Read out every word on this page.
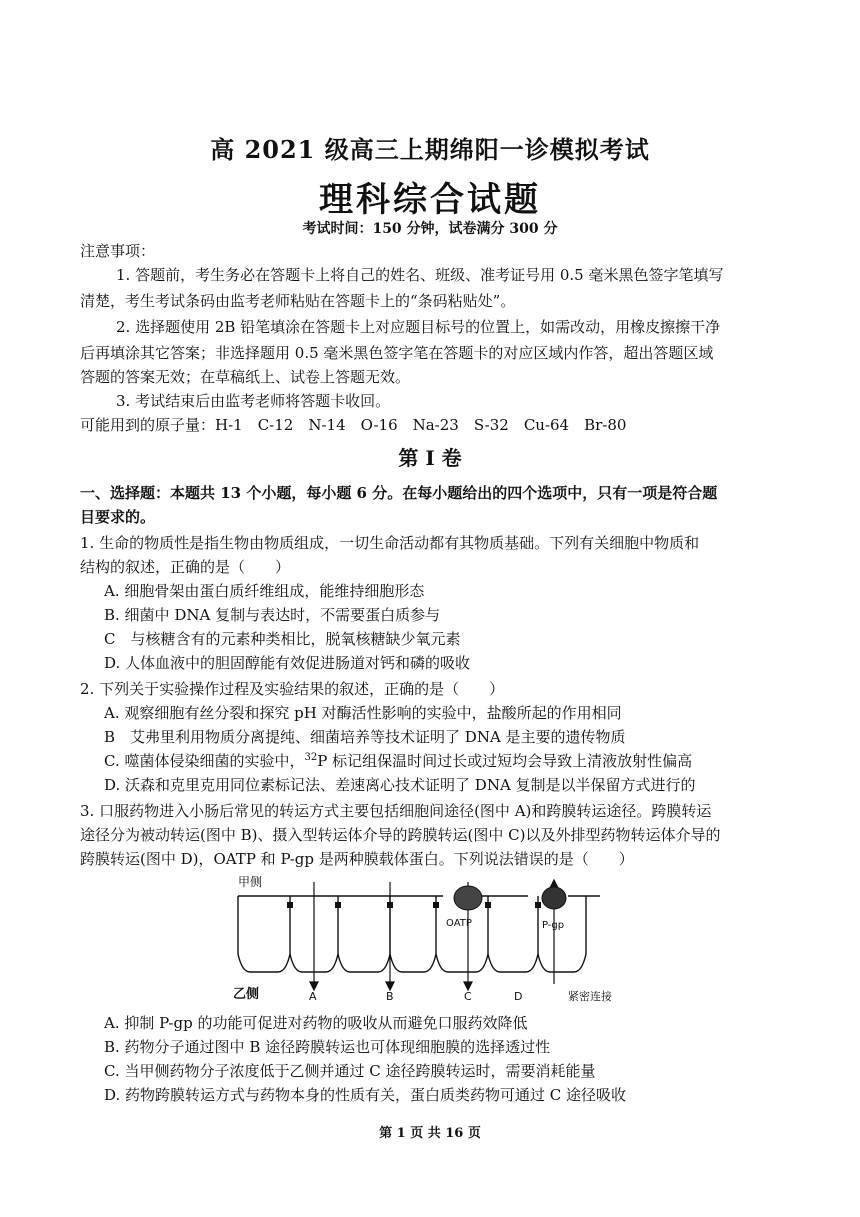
高 2021 级高三上期绵阳一诊模拟考试
理科综合试题
考试时间：150 分钟，试卷满分 300 分
注意事项：
1. 答题前，考生务必在答题卡上将自己的姓名、班级、准考证号用 0.5 毫米黑色签字笔填写
清楚，考生考试条码由监考老师粘贴在答题卡上的“条码粘贴处”。
2. 选择题使用 2B 铅笔填涂在答题卡上对应题目标号的位置上，如需改动，用橡皮擦擦干净
后再填涂其它答案；非选择题用 0.5 毫米黑色签字笔在答题卡的对应区域内作答，超出答题区域
答题的答案无效；在草稿纸上、试卷上答题无效。
3. 考试结束后由监考老师将答题卡收回。
可能用到的原子量：H-1　C-12　N-14　O-16　Na-23　S-32　Cu-64　Br-80
第 I 卷
一、选择题：本题共 13 个小题，每小题 6 分。在每小题给出的四个选项中，只有一项是符合题
目要求的。
1. 生命的物质性是指生物由物质组成，一切生命活动都有其物质基础。下列有关细胞中物质和
结构的叙述，正确的是（　　）
A. 细胞骨架由蛋白质纤维组成，能维持细胞形态
B. 细菌中 DNA 复制与表达时，不需要蛋白质参与
C　与核糖含有的元素种类相比，脱氧核糖缺少氧元素
D. 人体血液中的胆固醇能有效促进肠道对钙和磷的吸收
2. 下列关于实验操作过程及实验结果的叙述，正确的是（　　）
A. 观察细胞有丝分裂和探究 pH 对酶活性影响的实验中，盐酸所起的作用相同
B　艾弗里利用物质分离提纯、细菌培养等技术证明了 DNA 是主要的遗传物质
C. 噬菌体侵染细菌的实验中，$^{32}$P 标记组保温时间过长或过短均会导致上清液放射性偏高
D. 沃森和克里克用同位素标记法、差速离心技术证明了 DNA 复制是以半保留方式进行的
3. 口服药物进入小肠后常见的转运方式主要包括细胞间途径(图中 A)和跨膜转运途径。跨膜转运
途径分为被动转运(图中 B)、摄入型转运体介导的跨膜转运(图中 C)以及外排型药物转运体介导的
跨膜转运(图中 D)，OATP 和 P-gp 是两种膜载体蛋白。下列说法错误的是（　　）
甲侧
乙侧	A	B	C	D
OATP	P-gp
紧密连接
A. 抑制 P-gp 的功能可促进对药物的吸收从而避免口服药效降低
B. 药物分子通过图中 B 途径跨膜转运也可体现细胞膜的选择透过性
C. 当甲侧药物分子浓度低于乙侧并通过 C 途径跨膜转运时，需要消耗能量
D. 药物跨膜转运方式与药物本身的性质有关，蛋白质类药物可通过 C 途径吸收
第 1 页 共 16 页
